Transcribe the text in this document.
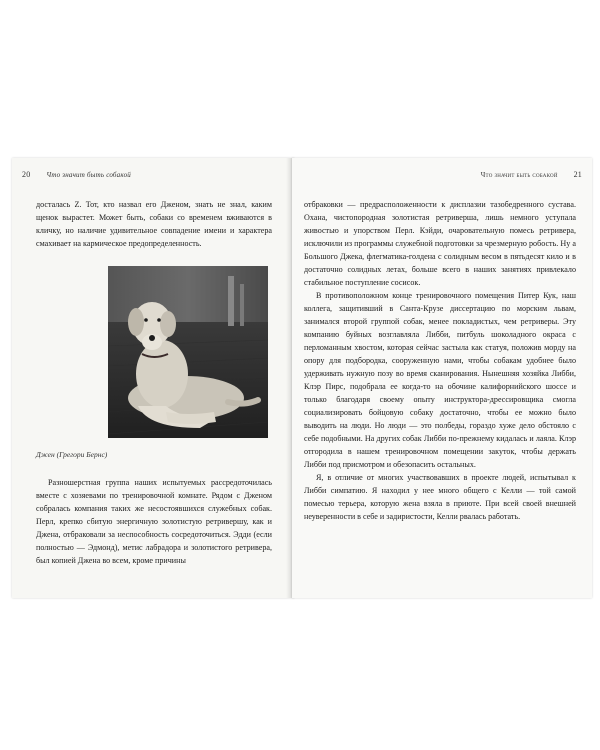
20 Что значит быть собакой

досталась Z. Тот, кто назвал его Дженом, знать не знал, каким щенок вырастет. Может быть, собаки со временем вживаются в кличку, но наличие удивительное совпадение имени и характера смахивает на кармическое предопределенность.

Джен (Грегори Бернс)

Разношерстная группа наших испытуемых рассредоточилась вместе с хозяевами по тренировочной комнате. Рядом с Дженом собралась компания таких же несостоявшихся служебных собак. Перл, крепко сбитую энергичную золотистую ретривершу, как и Джена, отбраковали за неспособность сосредоточиться. Эдди (если полностью — Эдмонд), метис лабрадора и золотистого ретривера, был копией Джена во всем, кроме причины

Что значит быть собакой 21

отбраковки — предрасположенности к дисплазии тазобедренного сустава. Охана, чистопородная золотистая ретриверша, лишь немного уступала живостью и упорством Перл. Кэйди, очаровательную помесь ретривера, исключили из программы служебной подготовки за чрезмерную робость. Ну а Большого Джека, флегматика-голдена с солидным весом в пятьдесят кило и в достаточно солидных летах, больше всего в наших занятиях привлекало стабильное поступление сосисок.

В противоположном конце тренировочного помещения Питер Кук, наш коллега, защитивший в Санта-Крузе диссертацию по морским львам, занимался второй группой собак, менее покладистых, чем ретриверы. Эту компанию буйных возглавляла Либби, питбуль шоколадного окраса с перломанным хвостом, которая сейчас застыла как статуя, положив морду на опору для подбородка, сооруженную нами, чтобы собакам удобнее было удерживать нужную позу во время сканирования. Нынешняя хозяйка Либби, Клэр Пирс, подобрала ее когда-то на обочине калифорнийского шоссе и только благодаря своему опыту инструктора-дрессировщика смогла социализировать бойцовую собаку достаточно, чтобы ее можно было выводить на люди. Но люди — это полбеды, гораздо хуже дело обстояло с себе подобными. На других собак Либби по-прежнему кидалась и лаяла. Клэр отгородила в нашем тренировочном помещении закуток, чтобы держать Либби под присмотром и обезопасить остальных.

Я, в отличие от многих участвовавших в проекте людей, испытывал к Либби симпатию. Я находил у нее много общего с Келли — той самой помесью терьера, которую жена взяла в приюте. При всей своей внешней неуверенности в себе и задиристости, Келли рвалась работать.
